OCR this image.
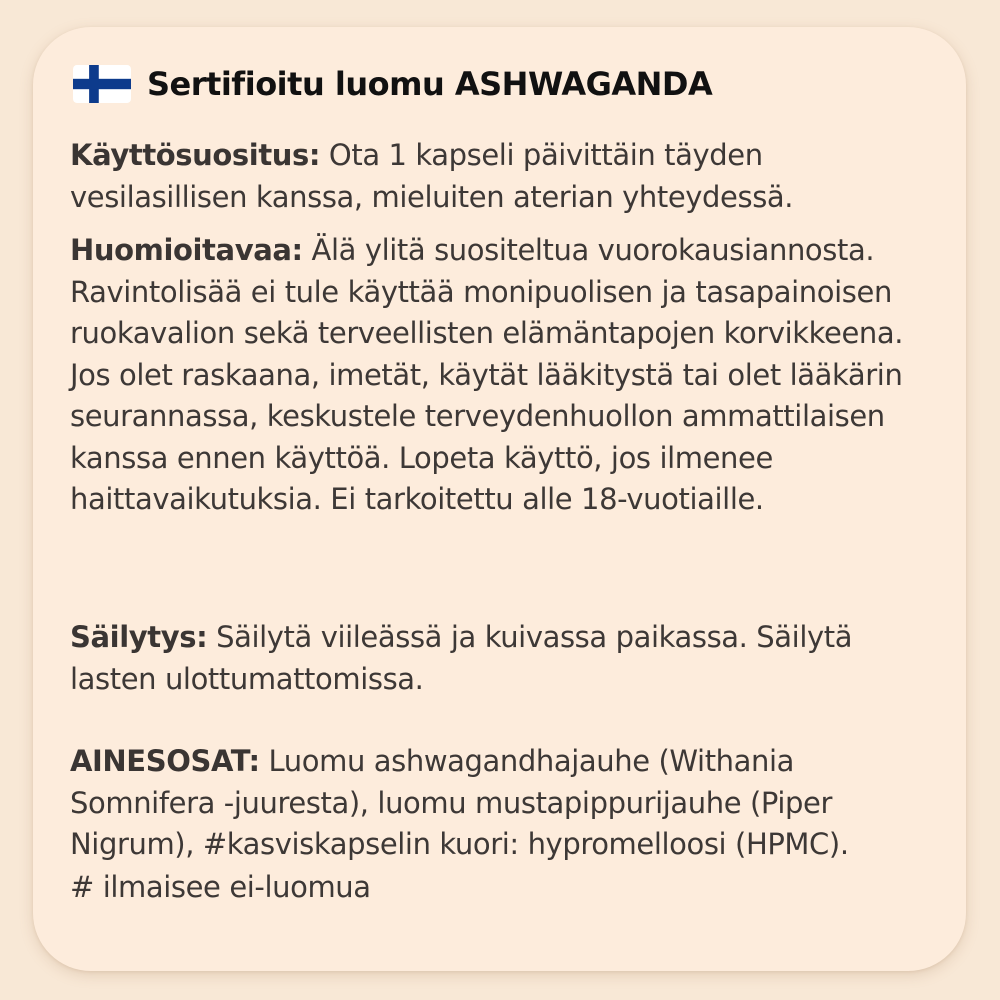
Sertifioitu luomu ASHWAGANDA
Käyttösuositus: Ota 1 kapseli päivittäin täyden vesilasillisen kanssa, mieluiten aterian yhteydessä.
Huomioitavaa: Älä ylitä suositeltua vuorokausiannosta. Ravintolisää ei tule käyttää monipuolisen ja tasapainoisen ruokavalion sekä terveellisten elämäntapojen korvikkeena. Jos olet raskaana, imetät, käytät lääkitystä tai olet lääkärin seurannassa, keskustele terveydenhuollon ammattilaisen kanssa ennen käyttöä. Lopeta käyttö, jos ilmenee haittavaikutuksia. Ei tarkoitettu alle 18-vuotiaille.
Säilytys: Säilytä viileässä ja kuivassa paikassa. Säilytä lasten ulottumattomissa.
AINESOSAT: Luomu ashwagandhajauhe (Withania Somnifera -juuresta), luomu mustapippurijauhe (Piper Nigrum), #kasviskapselin kuori: hypromelloosi (HPMC).
# ilmaisee ei-luomua
